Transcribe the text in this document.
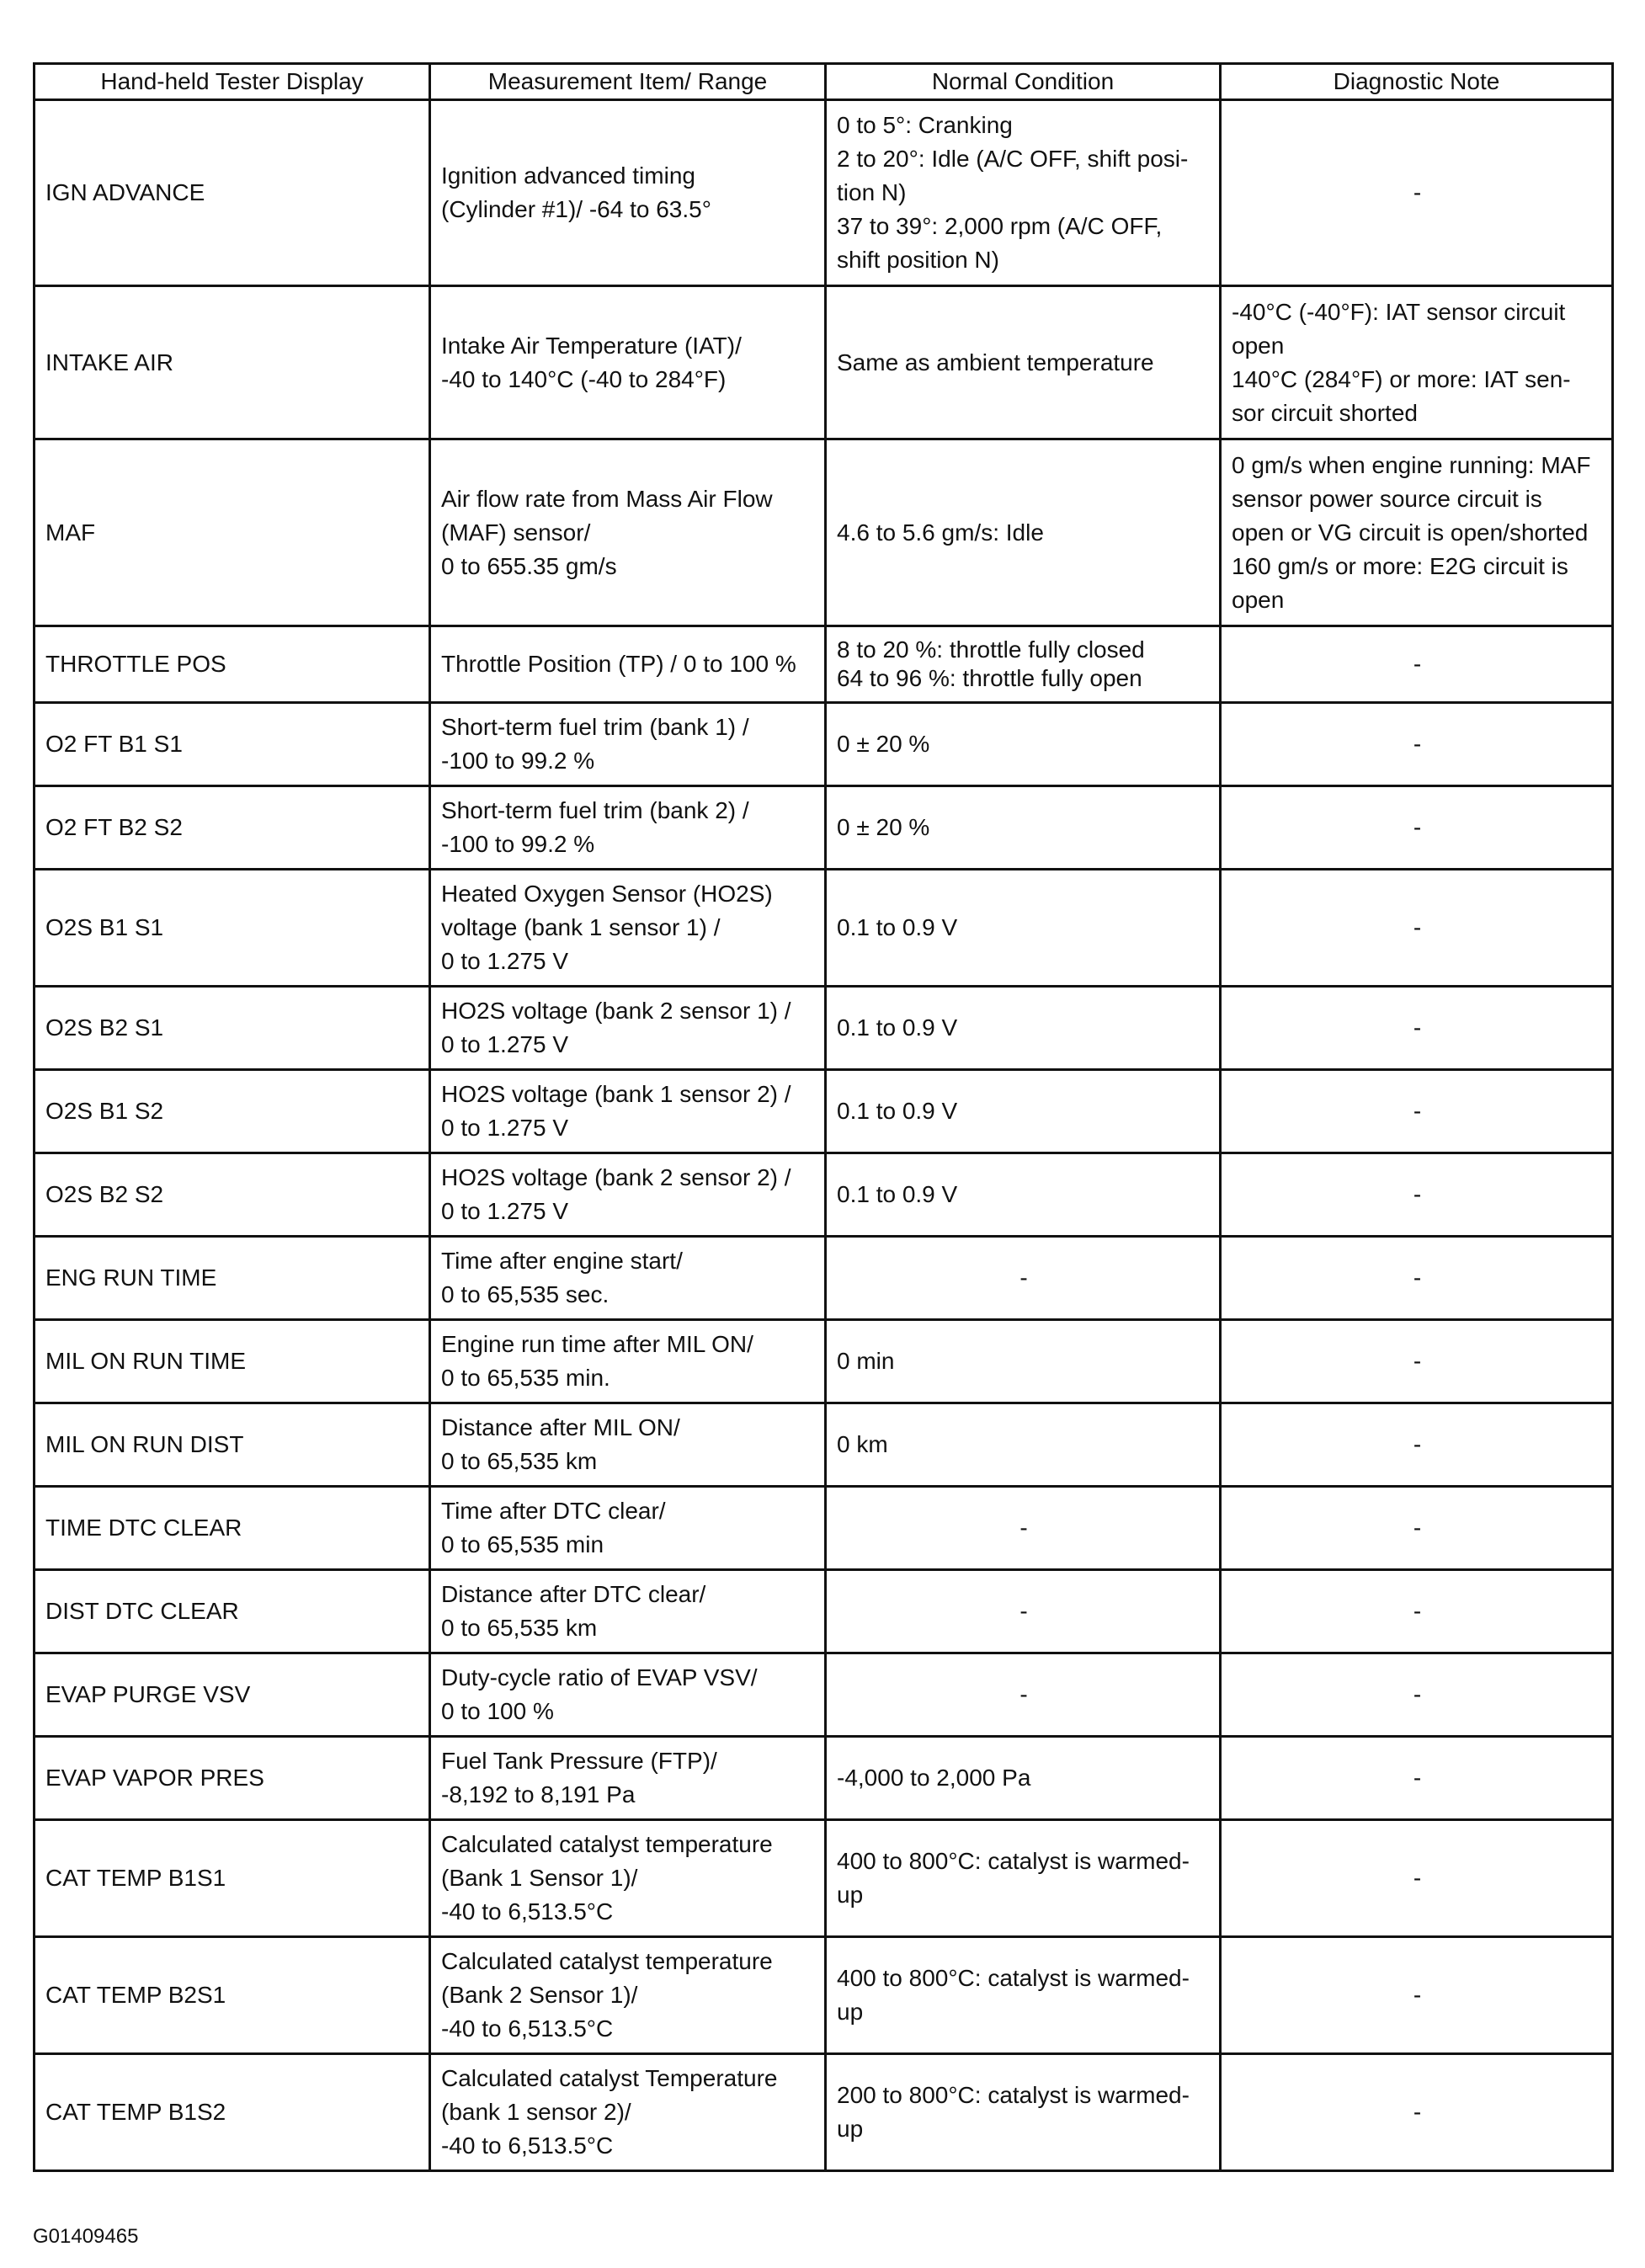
Hand-held Tester Display	Measurement Item/ Range	Normal Condition	Diagnostic Note
IGN ADVANCE	Ignition advanced timing
(Cylinder #1)/ -64 to 63.5°	0 to 5°: Cranking
2 to 20°: Idle (A/C OFF, shift posi-
tion N)
37 to 39°: 2,000 rpm (A/C OFF,
shift position N)	-
INTAKE AIR	Intake Air Temperature (IAT)/
-40 to 140°C (-40 to 284°F)	Same as ambient temperature	-40°C (-40°F): IAT sensor circuit
open
140°C (284°F) or more: IAT sen-
sor circuit shorted
MAF	Air flow rate from Mass Air Flow
(MAF) sensor/
0 to 655.35 gm/s	4.6 to 5.6 gm/s: Idle	0 gm/s when engine running: MAF
sensor power source circuit is
open or VG circuit is open/shorted
160 gm/s or more: E2G circuit is
open
THROTTLE POS	Throttle Position (TP) / 0 to 100 %	8 to 20 %: throttle fully closed
64 to 96 %: throttle fully open	-
O2 FT B1 S1	Short-term fuel trim (bank 1) /
-100 to 99.2 %	0 ± 20 %	-
O2 FT B2 S2	Short-term fuel trim (bank 2) /
-100 to 99.2 %	0 ± 20 %	-
O2S B1 S1	Heated Oxygen Sensor (HO2S)
voltage (bank 1 sensor 1) /
0 to 1.275 V	0.1 to 0.9 V	-
O2S B2 S1	HO2S voltage (bank 2 sensor 1) /
0 to 1.275 V	0.1 to 0.9 V	-
O2S B1 S2	HO2S voltage (bank 1 sensor 2) /
0 to 1.275 V	0.1 to 0.9 V	-
O2S B2 S2	HO2S voltage (bank 2 sensor 2) /
0 to 1.275 V	0.1 to 0.9 V	-
ENG RUN TIME	Time after engine start/
0 to 65,535 sec.	-	-
MIL ON RUN TIME	Engine run time after MIL ON/
0 to 65,535 min.	0 min	-
MIL ON RUN DIST	Distance after MIL ON/
0 to 65,535 km	0 km	-
TIME DTC CLEAR	Time after DTC clear/
0 to 65,535 min	-	-
DIST DTC CLEAR	Distance after DTC clear/
0 to 65,535 km	-	-
EVAP PURGE VSV	Duty-cycle ratio of EVAP VSV/
0 to 100 %	-	-
EVAP VAPOR PRES	Fuel Tank Pressure (FTP)/
-8,192 to 8,191 Pa	-4,000 to 2,000 Pa	-
CAT TEMP B1S1	Calculated catalyst temperature
(Bank 1 Sensor 1)/
-40 to 6,513.5°C	400 to 800°C: catalyst is warmed-
up	-
CAT TEMP B2S1	Calculated catalyst temperature
(Bank 2 Sensor 1)/
-40 to 6,513.5°C	400 to 800°C: catalyst is warmed-
up	-
CAT TEMP B1S2	Calculated catalyst Temperature
(bank 1 sensor 2)/
-40 to 6,513.5°C	200 to 800°C: catalyst is warmed-
up	-
G01409465
